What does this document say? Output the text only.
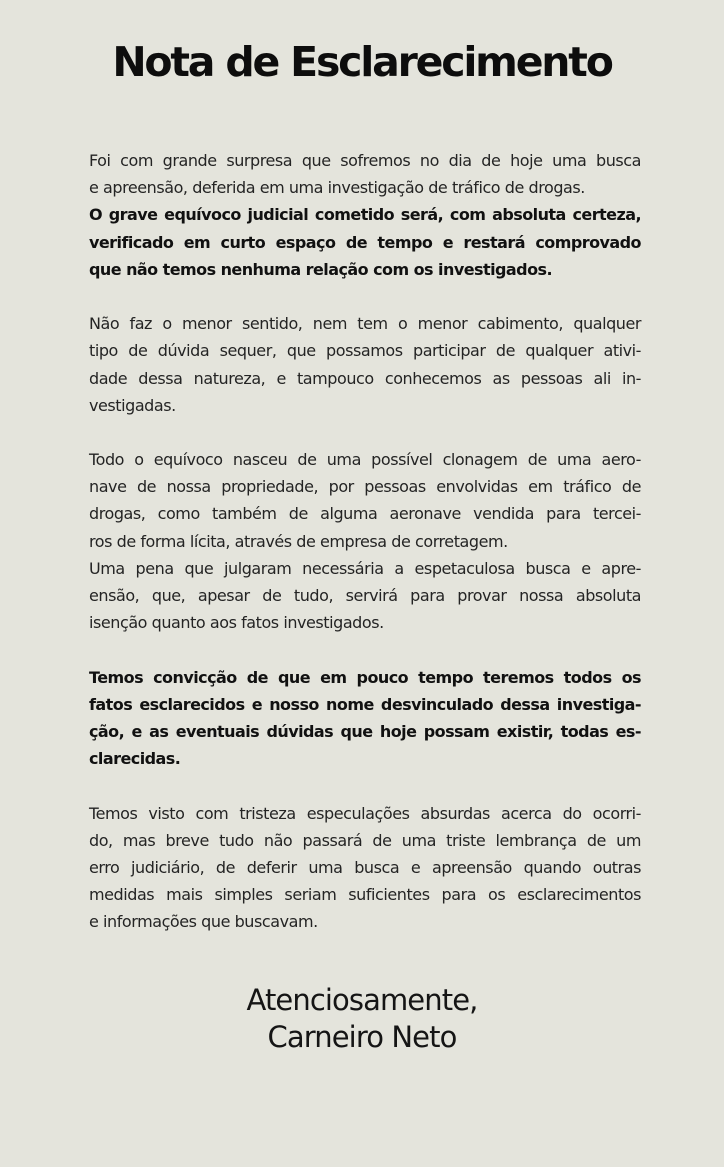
Nota de Esclarecimento
Foi com grande surpresa que sofremos no dia de hoje uma busca
e apreensão, deferida em uma investigação de tráfico de drogas.
O grave equívoco judicial cometido será, com absoluta certeza,
verificado em curto espaço de tempo e restará comprovado
que não temos nenhuma relação com os investigados.
Não faz o menor sentido, nem tem o menor cabimento, qualquer
tipo de dúvida sequer, que possamos participar de qualquer ativi-
dade dessa natureza, e tampouco conhecemos as pessoas ali in-
vestigadas.
Todo o equívoco nasceu de uma possível clonagem de uma aero-
nave de nossa propriedade, por pessoas envolvidas em tráfico de
drogas, como também de alguma aeronave vendida para tercei-
ros de forma lícita, através de empresa de corretagem.
Uma pena que julgaram necessária a espetaculosa busca e apre-
ensão, que, apesar de tudo, servirá para provar nossa absoluta
isenção quanto aos fatos investigados.
Temos convicção de que em pouco tempo teremos todos os
fatos esclarecidos e nosso nome desvinculado dessa investiga-
ção, e as eventuais dúvidas que hoje possam existir, todas es-
clarecidas.
Temos visto com tristeza especulações absurdas acerca do ocorri-
do, mas breve tudo não passará de uma triste lembrança de um
erro judiciário, de deferir uma busca e apreensão quando outras
medidas mais simples seriam suficientes para os esclarecimentos
e informações que buscavam.
Atenciosamente,
Carneiro Neto
